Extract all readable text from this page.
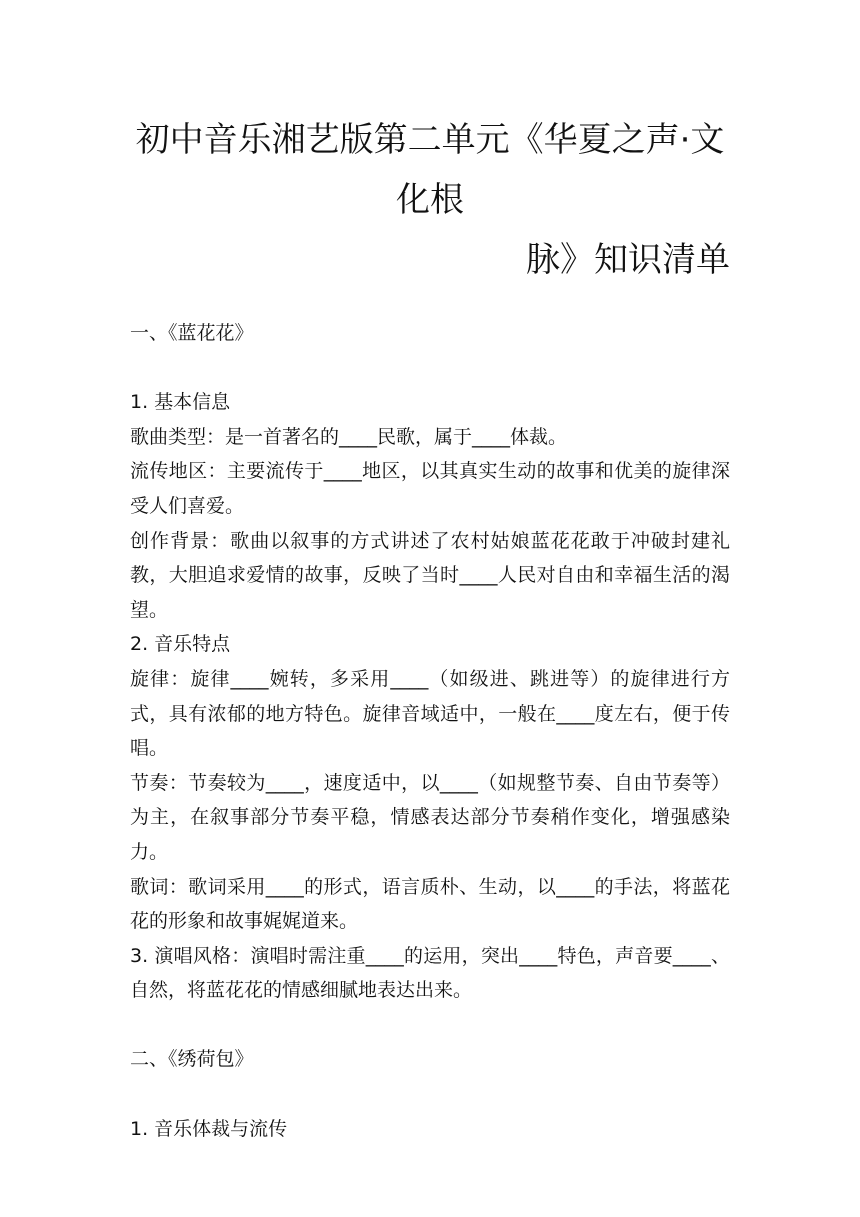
初中音乐湘艺版第二单元《华夏之声·文化根
脉》知识清单

一、《蓝花花》

1. 基本信息

歌曲类型：是一首著名的____民歌，属于____体裁。

流传地区：主要流传于____地区，以其真实生动的故事和优美的旋律深受人们喜爱。

创作背景：歌曲以叙事的方式讲述了农村姑娘蓝花花敢于冲破封建礼教，大胆追求爱情的故事，反映了当时____人民对自由和幸福生活的渴望。

2. 音乐特点

旋律：旋律____婉转，多采用____（如级进、跳进等）的旋律进行方式，具有浓郁的地方特色。旋律音域适中，一般在____度左右，便于传唱。

节奏：节奏较为____，速度适中，以____（如规整节奏、自由节奏等）为主，在叙事部分节奏平稳，情感表达部分节奏稍作变化，增强感染力。

歌词：歌词采用____的形式，语言质朴、生动，以____的手法，将蓝花花的形象和故事娓娓道来。

3. 演唱风格：演唱时需注重____的运用，突出____特色，声音要____、自然，将蓝花花的情感细腻地表达出来。

二、《绣荷包》

1. 音乐体裁与流传
